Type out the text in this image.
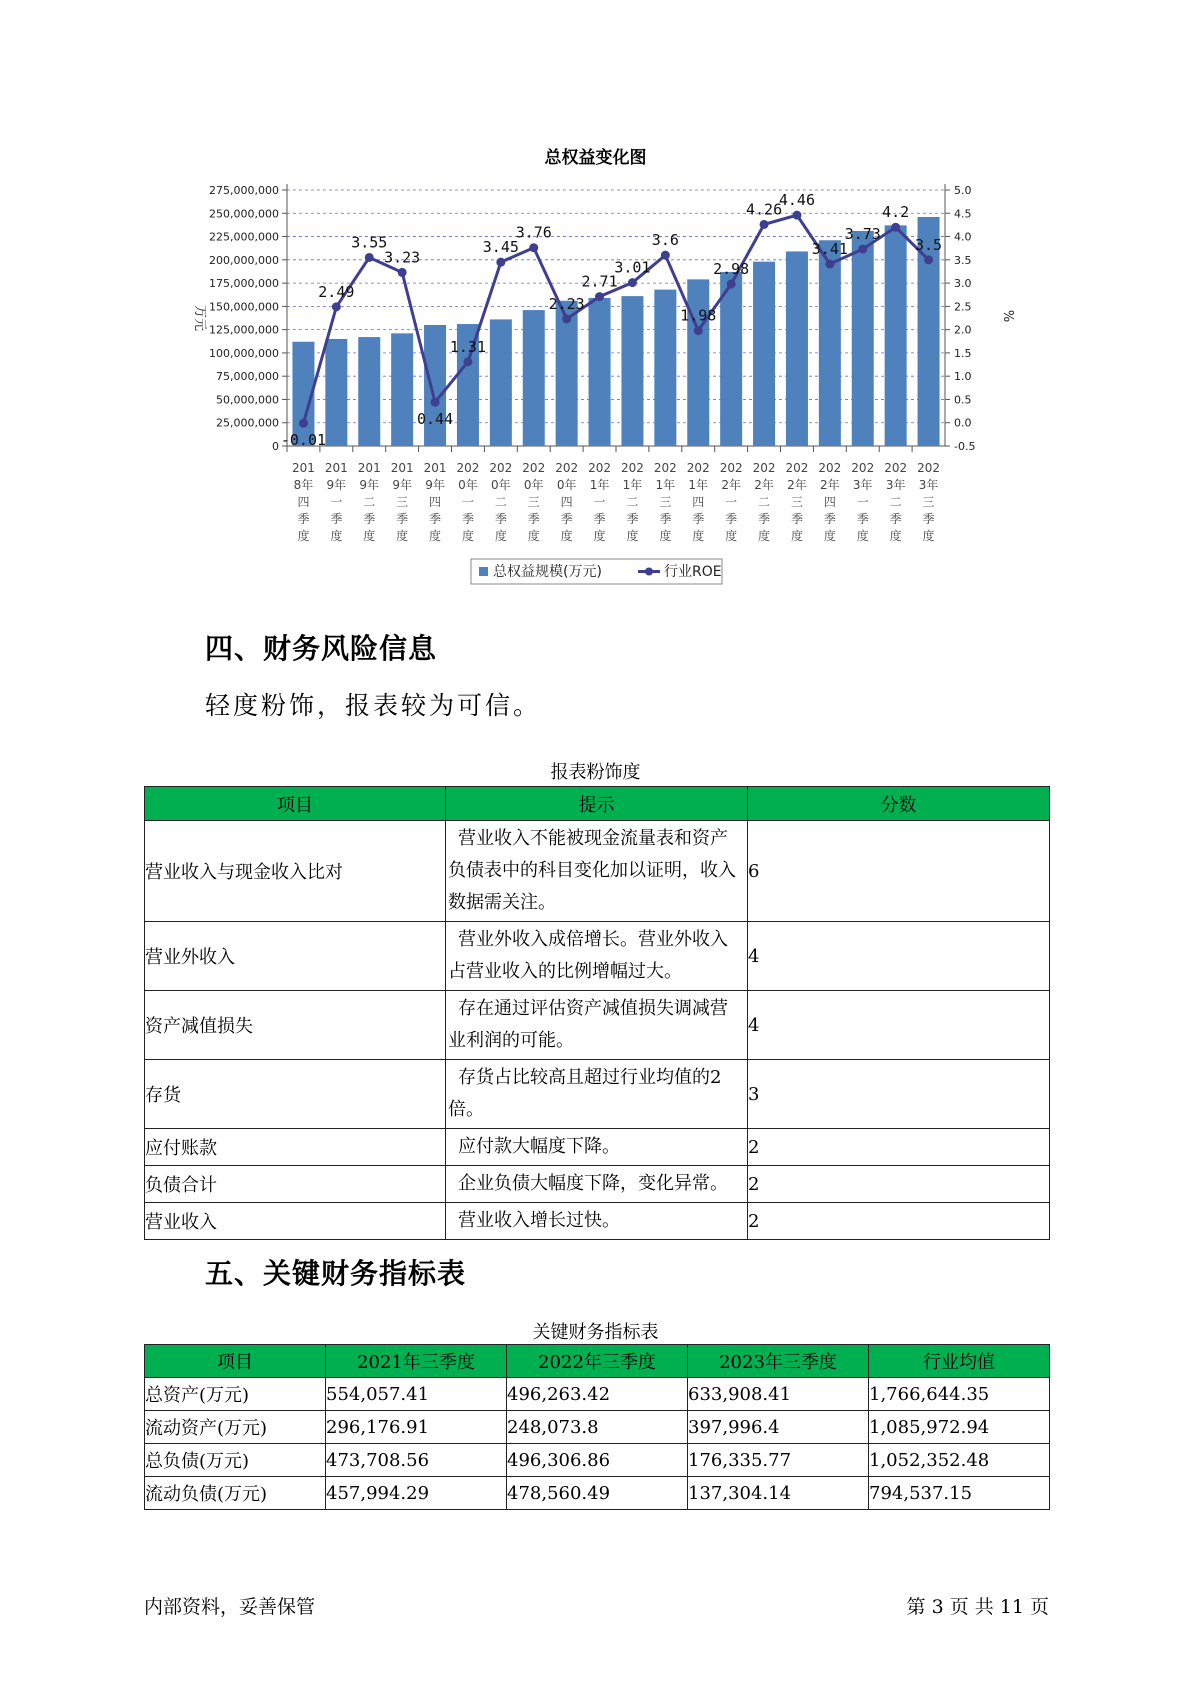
总权益变化图
275,000,000
250,000,000
225,000,000
200,000,000
175,000,000
150,000,000
125,000,000
100,000,000
75,000,000
50,000,000
25,000,000
0
5.0
4.5
4.0
3.5
3.0
2.5
2.0
1.5
1.0
0.5
0.0
-0.5
万元	%
201
8年
四
季
度
201
9年
一
季
度
201
9年
二
季
度
201
9年
三
季
度
201
9年
四
季
度
202
0年
一
季
度
202
0年
二
季
度
202
0年
三
季
度
202
0年
四
季
度
202
1年
一
季
度
202
1年
二
季
度
202
1年
三
季
度
202
1年
四
季
度
202
2年
一
季
度
202
2年
二
季
度
202
2年
三
季
度
202
2年
四
季
度
202
3年
一
季
度
202
3年
二
季
度
202
3年
三
季
度
-0.01
2.49
3.55
3.23
0.44
1.31
3.45
3.76
2.23
2.71
3.01
3.6
1.98
2.98
4.26
4.46
3.41
3.73
4.2
3.5
总权益规模(万元)	行业ROE
四、财务风险信息
轻度粉饰，报表较为可信。
报表粉饰度
项目	提示	分数
营业收入与现金收入比对	营业收入不能被现金流量表和资产负债表中的科目变化加以证明，收入数据需关注。	6
营业外收入	营业外收入成倍增长。营业外收入占营业收入的比例增幅过大。	4
资产减值损失	存在通过评估资产减值损失调减营业利润的可能。	4
存货	存货占比较高且超过行业均值的2倍。	3
应付账款	应付款大幅度下降。	2
负债合计	企业负债大幅度下降，变化异常。	2
营业收入	营业收入增长过快。	2
五、关键财务指标表
关键财务指标表
项目	2021年三季度	2022年三季度	2023年三季度	行业均值
总资产(万元)	554,057.41	496,263.42	633,908.41	1,766,644.35
流动资产(万元)	296,176.91	248,073.8	397,996.4	1,085,972.94
总负债(万元)	473,708.56	496,306.86	176,335.77	1,052,352.48
流动负债(万元)	457,994.29	478,560.49	137,304.14	794,537.15
内部资料，妥善保管	第 3 页 共 11 页
